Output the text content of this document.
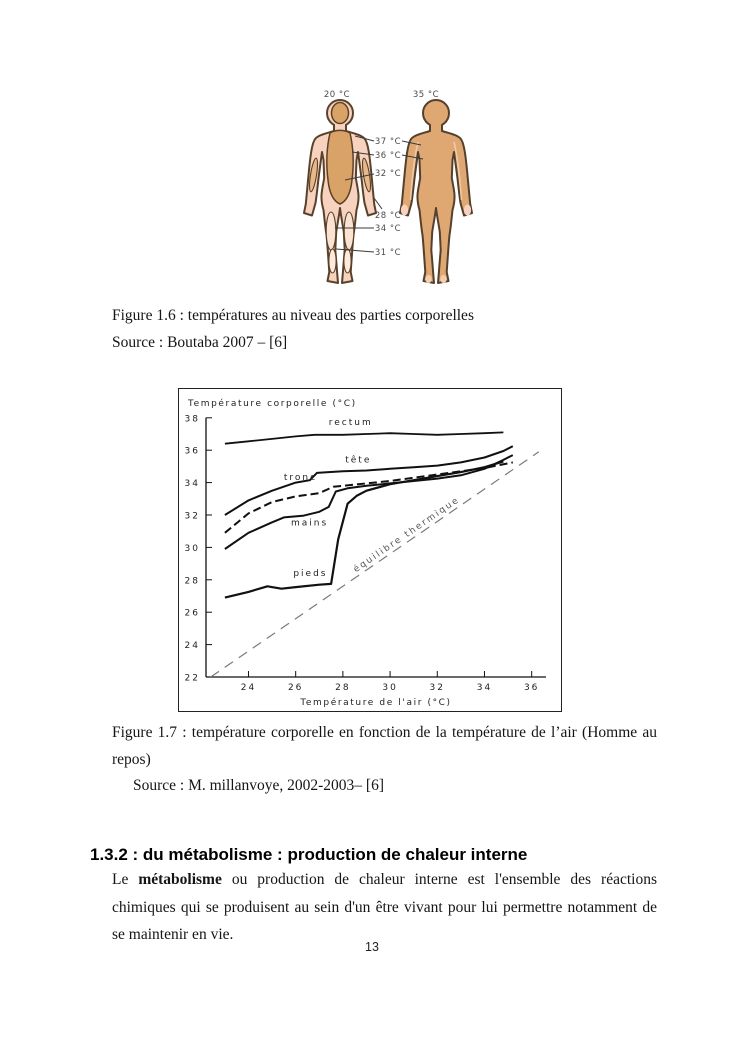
20 °C	35 °C
37 °C
36 °C
32 °C
28 °C
34 °C
31 °C
Figure 1.6 : températures au niveau des parties corporelles
Source : Boutaba 2007 – [6]
Température corporelle (°C)
22
24
26
28
30
32
34
36
38
24	26	28	30	32	34	36
Température de l'air (°C)
rectum
tête
tronc
mains
pieds	équilibre thermique
Figure 1.7 : température corporelle en fonction de la température de l’air (Homme au repos)
Source : M. millanvoye, 2002-2003– [6]
1.3.2 : du métabolisme : production de chaleur interne
Le métabolisme ou production de chaleur interne est l'ensemble des réactions chimiques qui se produisent au sein d'un être vivant pour lui permettre notamment de se maintenir en vie.
13
